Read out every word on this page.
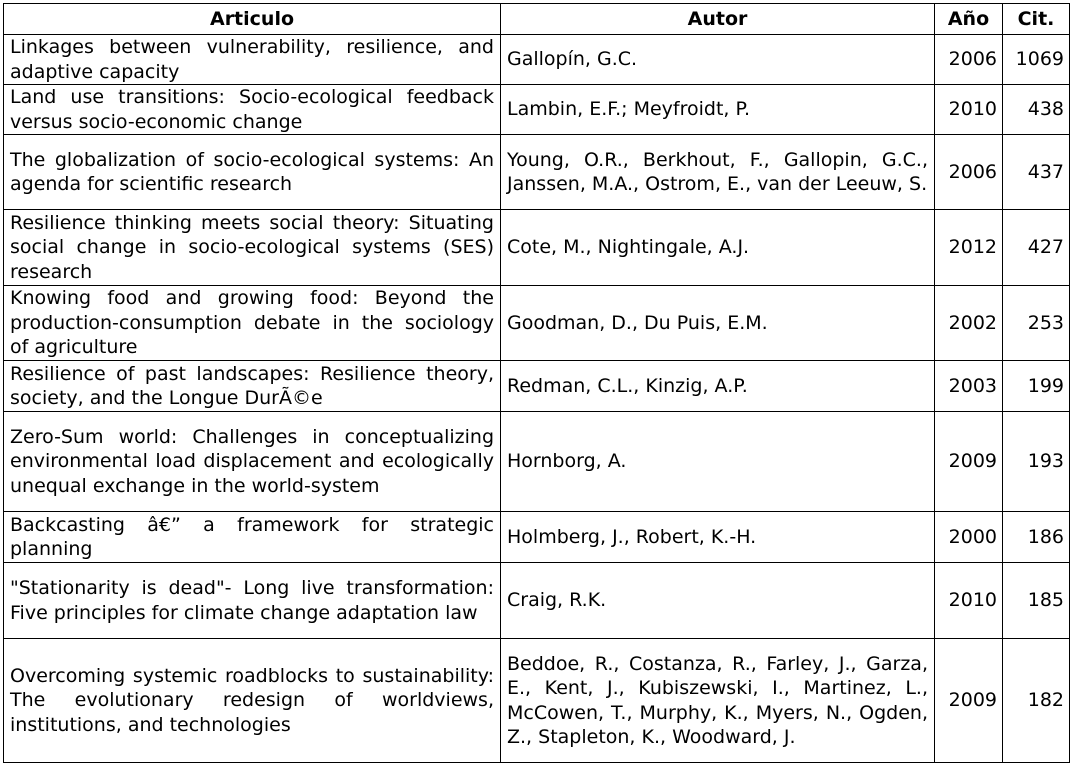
Articulo	Autor	Año	Cit.
Linkages between vulnerability, resilience, and adaptive capacity	Gallopín, G.C.	2006	1069
Land use transitions: Socio-ecological feedback versus socio-economic change	Lambin, E.F.; Meyfroidt, P.	2010	438
The globalization of socio-ecological systems: An agenda for scientific research	Young, O.R., Berkhout, F., Gallopin, G.C., Janssen, M.A., Ostrom, E., van der Leeuw, S.	2006	437
Resilience thinking meets social theory: Situating social change in socio-ecological systems (SES) research	Cote, M., Nightingale, A.J.	2012	427
Knowing food and growing food: Beyond the production-consumption debate in the sociology of agriculture	Goodman, D., Du Puis, E.M.	2002	253
Resilience of past landscapes: Resilience theory, society, and the Longue DurÃ©e	Redman, C.L., Kinzig, A.P.	2003	199
Zero-Sum world: Challenges in conceptualizing environmental load displacement and ecologically unequal exchange in the world-system	Hornborg, A.	2009	193
Backcasting â€” a framework for strategic planning	Holmberg, J., Robert, K.-H.	2000	186
"Stationarity is dead"- Long live transformation: Five principles for climate change adaptation law	Craig, R.K.	2010	185
Overcoming systemic roadblocks to sustainability: The evolutionary redesign of worldviews, institutions, and technologies	Beddoe, R., Costanza, R., Farley, J., Garza, E., Kent, J., Kubiszewski, I., Martinez, L., McCowen, T., Murphy, K., Myers, N., Ogden, Z., Stapleton, K., Woodward, J.	2009	182
